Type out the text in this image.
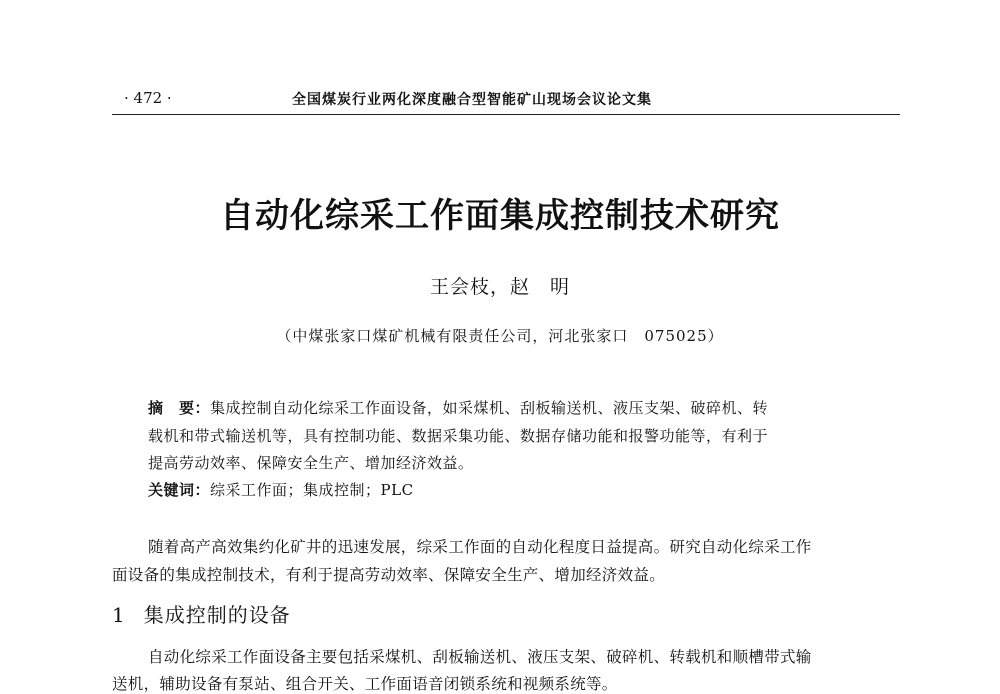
· 472 ·	全国煤炭行业两化深度融合型智能矿山现场会议论文集
自动化综采工作面集成控制技术研究
王会枝，赵　明
（中煤张家口煤矿机械有限责任公司，河北张家口　075025）
摘　要：集成控制自动化综采工作面设备，如采煤机、刮板输送机、液压支架、破碎机、转
载机和带式输送机等，具有控制功能、数据采集功能、数据存储功能和报警功能等，有利于
提高劳动效率、保障安全生产、增加经济效益。
关键词：综采工作面；集成控制；PLC
随着高产高效集约化矿井的迅速发展，综采工作面的自动化程度日益提高。研究自动化综采工作
面设备的集成控制技术，有利于提高劳动效率、保障安全生产、增加经济效益。
1 集成控制的设备
自动化综采工作面设备主要包括采煤机、刮板输送机、液压支架、破碎机、转载机和顺槽带式输
送机，辅助设备有泵站、组合开关、工作面语音闭锁系统和视频系统等。
